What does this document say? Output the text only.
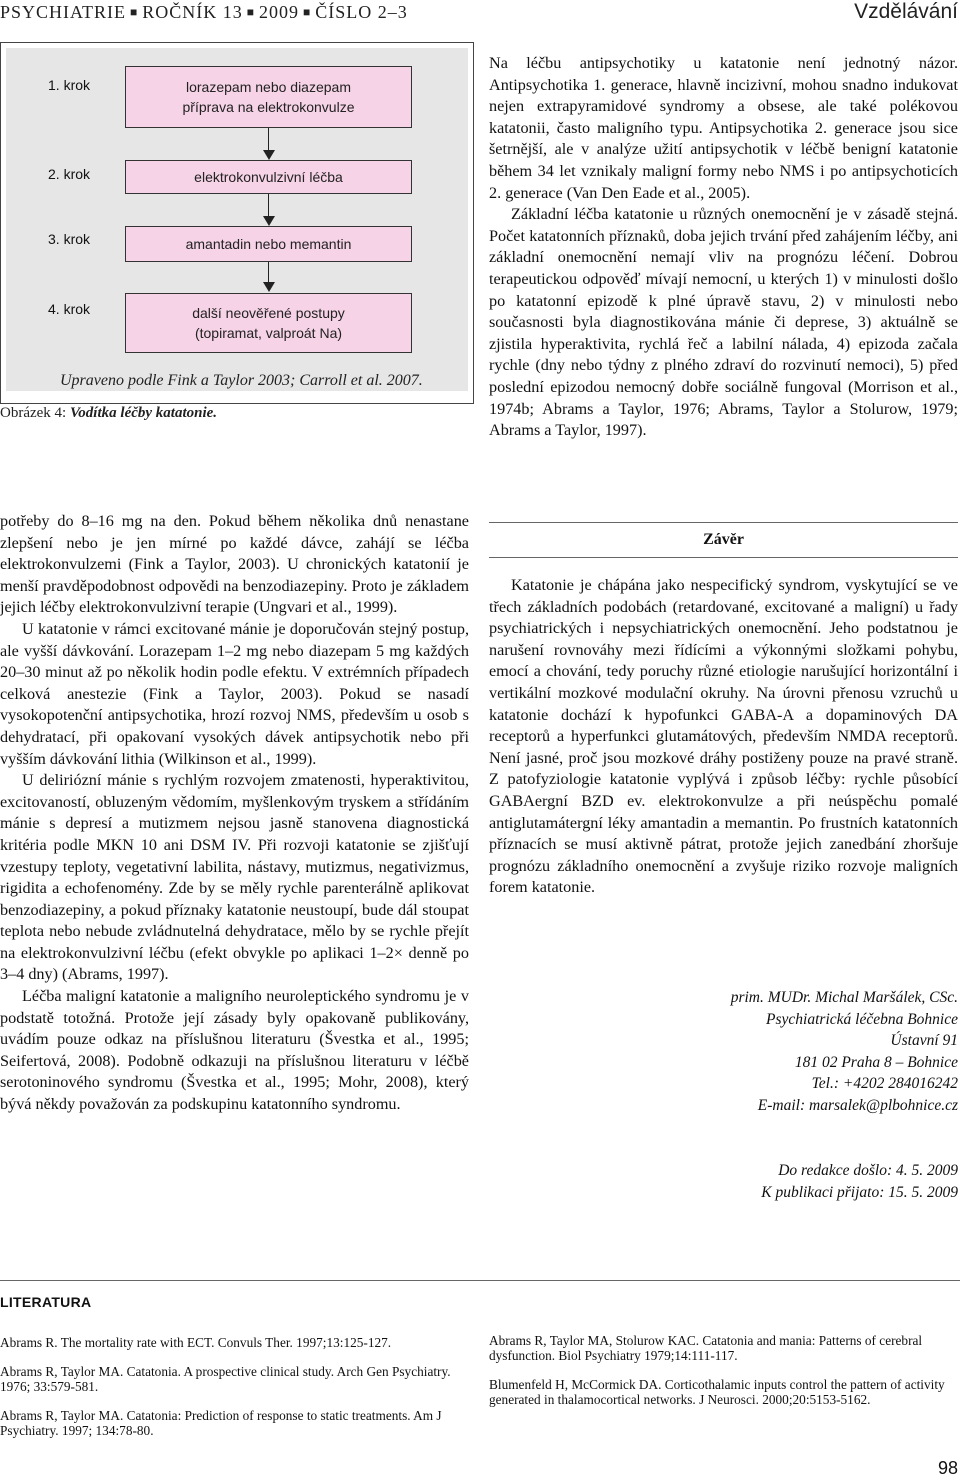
PSYCHIATRIE ■ ROČNÍK 13 ■ 2009 ■ ČÍSLO 2–3	Vzdělávání
1. krok	lorazepam nebo diazepam
příprava na elektrokonvulze
2. krok	elektrokonvulzivní léčba
3. krok	amantadin nebo memantin
4. krok	další neověřené postupy
(topiramat, valproát Na)
Upraveno podle Fink a Taylor 2003; Carroll et al. 2007.
Obrázek 4: Vodítka léčby katatonie.

potřeby do 8–16 mg na den. Pokud během několika dnů nenastane zlepšení nebo je jen mírné po každé dávce, zahájí se léčba elektrokonvulzemi (Fink a Taylor, 2003). U chronických katatonií je menší pravděpodobnost odpovědi na benzodiazepiny. Proto je základem jejich léčby elektrokonvulzivní terapie (Ungvari et al., 1999).

U katatonie v rámci excitované mánie je doporučován stejný postup, ale vyšší dávkování. Lorazepam 1–2 mg nebo diazepam 5 mg každých 20–30 minut až po několik hodin podle efektu. V extrémních případech celková anestezie (Fink a Taylor, 2003). Pokud se nasadí vysokopotenční antipsychotika, hrozí rozvoj NMS, především u osob s dehydratací, při opakovaní vysokých dávek antipsychotik nebo při vyšším dávkování lithia (Wilkinson et al., 1999).

U deliriózní mánie s rychlým rozvojem zmatenosti, hyperaktivitou, excitovaností, obluzeným vědomím, myšlenkovým tryskem a střídáním mánie s depresí a mutizmem nejsou jasně stanovena diagnostická kritéria podle MKN 10 ani DSM IV. Při rozvoji katatonie se zjišťují vzestupy teploty, vegetativní labilita, nástavy, mutizmus, negativizmus, rigidita a echofenomény. Zde by se měly rychle parenterálně aplikovat benzodiazepiny, a pokud příznaky katatonie neustoupí, bude dál stoupat teplota nebo nebude zvládnutelná dehydratace, mělo by se rychle přejít na elektrokonvulzivní léčbu (efekt obvykle po aplikaci 1–2× denně po 3–4 dny) (Abrams, 1997).

Léčba maligní katatonie a maligního neuroleptického syndromu je v podstatě totožná. Protože její zásady byly opakovaně publikovány, uvádím pouze odkaz na příslušnou literaturu (Švestka et al., 1995; Seifertová, 2008). Podobně odkazuji na příslušnou literaturu v léčbě serotoninového syndromu (Švestka et al., 1995; Mohr, 2008), který bývá někdy považován za podskupinu katatonního syndromu.

Na léčbu antipsychotiky u katatonie není jednotný názor. Antipsychotika 1. generace, hlavně incizivní, mohou snadno indukovat nejen extrapyramidové syndromy a obsese, ale také polékovou katatonii, často maligního typu. Antipsychotika 2. generace jsou sice šetrnější, ale v analýze užití antipsychotik v léčbě benigní katatonie během 34 let vznikaly maligní formy nebo NMS i po antipsychoticích 2. generace (Van Den Eade et al., 2005).

Základní léčba katatonie u různých onemocnění je v zásadě stejná. Počet katatonních příznaků, doba jejich trvání před zahájením léčby, ani základní onemocnění nemají vliv na prognózu léčení. Dobrou terapeutickou odpověď mívají nemocní, u kterých 1) v minulosti došlo po katatonní epizodě k plné úpravě stavu, 2) v minulosti nebo současnosti byla diagnostikována mánie či deprese, 3) aktuálně se zjistila hyperaktivita, rychlá řeč a labilní nálada, 4) epizoda začala rychle (dny nebo týdny z plného zdraví do rozvinutí nemoci), 5) před poslední epizodou nemocný dobře sociálně fungoval (Morrison et al., 1974b; Abrams a Taylor, 1976; Abrams, Taylor a Stolurow, 1979; Abrams a Taylor, 1997).

Závěr

Katatonie je chápána jako nespecifický syndrom, vyskytující se ve třech základních podobách (retardované, excitované a maligní) u řady psychiatrických i nepsychiatrických onemocnění. Jeho podstatnou je narušení rovnováhy mezi řídícími a výkonnými složkami pohybu, emocí a chování, tedy poruchy různé etiologie narušující horizontální i vertikální mozkové modulační okruhy. Na úrovni přenosu vzruchů u katatonie dochází k hypofunkci GABA-A a dopaminových DA receptorů a hyperfunkci glutamátových, především NMDA receptorů. Není jasné, proč jsou mozkové dráhy postiženy pouze na pravé straně. Z patofyziologie katatonie vyplývá i způsob léčby: rychle působící GABAergní BZD ev. elektrokonvulze a při neúspěchu pomalé antiglutamátergní léky amantadin a memantin. Po frustních katatonních příznacích se musí aktivně pátrat, protože jejich zanedbání zhoršuje prognózu základního onemocnění a zvyšuje riziko rozvoje maligních forem katatonie.

prim. MUDr. Michal Maršálek, CSc.
Psychiatrická léčebna Bohnice
Ústavní 91
181 02 Praha 8 – Bohnice
Tel.: +4202 284016242
E-mail: marsalek@plbohnice.cz
Do redakce došlo: 4. 5. 2009
K publikaci přijato: 15. 5. 2009
LITERATURA

Abrams R. The mortality rate with ECT. Convuls Ther. 1997;13:125-127.

Abrams R, Taylor MA. Catatonia. A prospective clinical study. Arch Gen Psychiatry. 1976; 33:579-581.

Abrams R, Taylor MA. Catatonia: Prediction of response to static treatments. Am J Psychiatry. 1997; 134:78-80.

Abrams R, Taylor MA, Stolurow KAC. Catatonia and mania: Patterns of cerebral dysfunction. Biol Psychiatry 1979;14:111-117.

Blumenfeld H, McCormick DA. Corticothalamic inputs control the pattern of activity generated in thalamocortical networks. J Neurosci. 2000;20:5153-5162.

98
